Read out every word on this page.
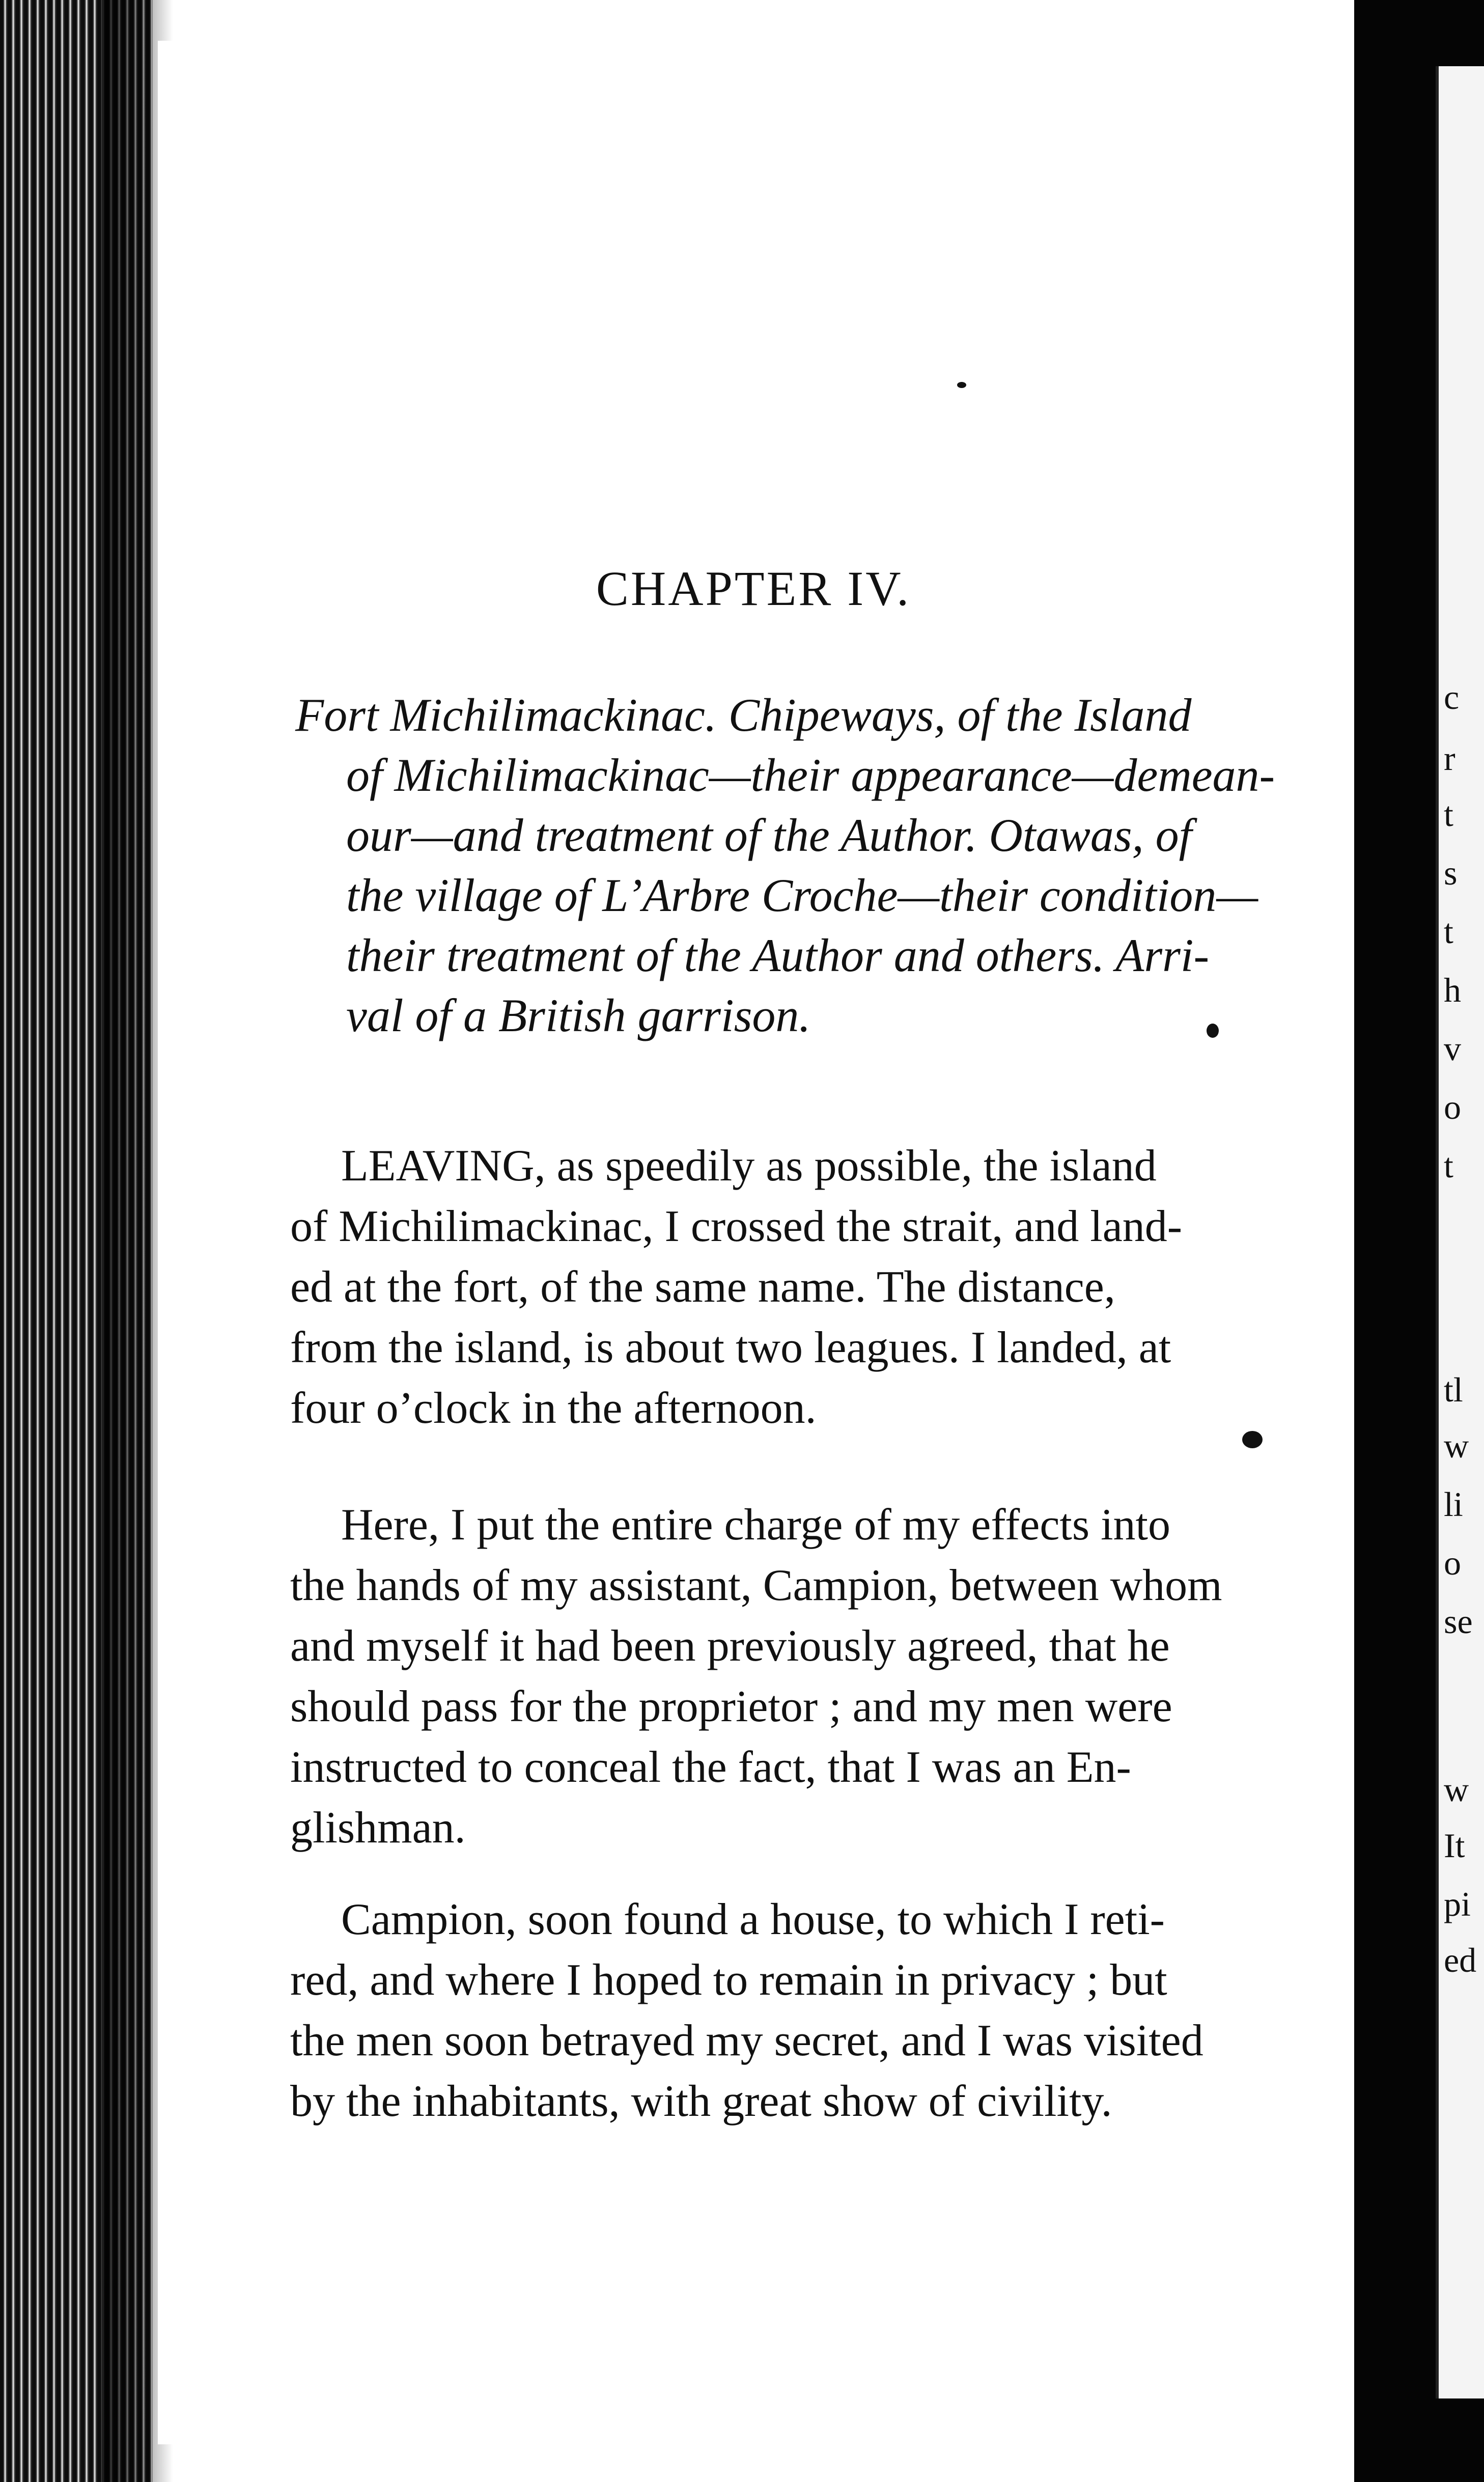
c
r
t
s
t
h
v
o
t
tl
w
li
o
se
w
It
pi
ed
CHAPTER IV.
Fort Michilimackinac. Chipeways, of the Island
of Michilimackinac—their appearance—demean-
our—and treatment of the Author. Otawas, of
the village of L’Arbre Croche—their condition—
their treatment of the Author and others. Arri-
val of a British garrison.
LEAVING, as speedily as possible, the island
of Michilimackinac, I crossed the strait, and land-
ed at the fort, of the same name. The distance,
from the island, is about two leagues. I landed, at
four o’clock in the afternoon.
Here, I put the entire charge of my effects into
the hands of my assistant, Campion, between whom
and myself it had been previously agreed, that he
should pass for the proprietor ; and my men were
instructed to conceal the fact, that I was an En-
glishman.
Campion, soon found a house, to which I reti-
red, and where I hoped to remain in privacy ; but
the men soon betrayed my secret, and I was visited
by the inhabitants, with great show of civility.
